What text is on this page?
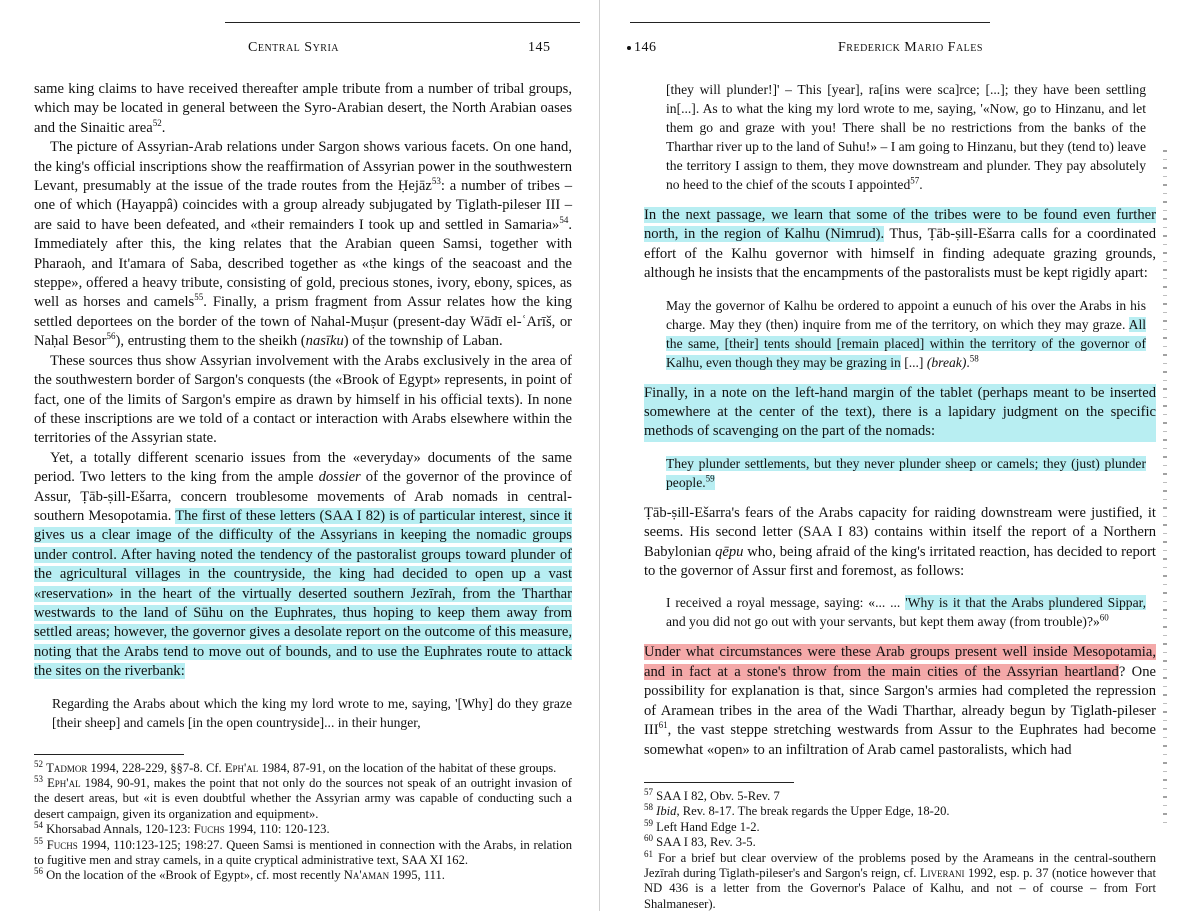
Central Syria	145

same king claims to have received thereafter ample tribute from a number of tribal groups, which may be located in general between the Syro-Arabian desert, the North Arabian oases and the Sinaitic area$^{52}$.

The picture of Assyrian-Arab relations under Sargon shows various facets. On one hand, the king's official inscriptions show the reaffirmation of Assyrian power in the southwestern Levant, presumably at the issue of the trade routes from the Ḥejāz$^{53}$: a number of tribes – one of which (Hayappâ) coincides with a group already subjugated by Tiglath-pileser III – are said to have been defeated, and «their remainders I took up and settled in Samaria»$^{54}$. Immediately after this, the king relates that the Arabian queen Samsi, together with Pharaoh, and It'amara of Saba, described together as «the kings of the seacoast and the steppe», offered a heavy tribute, consisting of gold, precious stones, ivory, ebony, spices, as well as horses and camels$^{55}$. Finally, a prism fragment from Assur relates how the king settled deportees on the border of the town of Nahal-Muṣur (present-day Wādī el-ʿArīš, or Naḥal Besor$^{56}$), entrusting them to the sheikh (nasīku) of the township of Laban.

These sources thus show Assyrian involvement with the Arabs exclusively in the area of the southwestern border of Sargon's conquests (the «Brook of Egypt» represents, in point of fact, one of the limits of Sargon's empire as drawn by himself in his official texts). In none of these inscriptions are we told of a contact or interaction with Arabs elsewhere within the territories of the Assyrian state.

Yet, a totally different scenario issues from the «everyday» documents of the same period. Two letters to the king from the ample dossier of the governor of the province of Assur, Ṭāb-ṣill-Ešarra, concern troublesome movements of Arab nomads in central-southern Mesopotamia. The first of these letters (SAA I 82) is of particular interest, since it gives us a clear image of the difficulty of the Assyrians in keeping the nomadic groups under control. After having noted the tendency of the pastoralist groups toward plunder of the agricultural villages in the countryside, the king had decided to open up a vast «reservation» in the heart of the virtually deserted southern Jezīrah, from the Tharthar westwards to the land of Sūhu on the Euphrates, thus hoping to keep them away from settled areas; however, the governor gives a desolate report on the outcome of this measure, noting that the Arabs tend to move out of bounds, and to use the Euphrates route to attack the sites on the riverbank:

Regarding the Arabs about which the king my lord wrote to me, saying, '[Why] do they graze [their sheep] and camels [in the open countryside]... in their hunger,

$^{52}$ Tadmor 1994, 228-229, §§7-8. Cf. Eph'al 1984, 87-91, on the location of the habitat of these groups.

$^{53}$ Eph'al 1984, 90-91, makes the point that not only do the sources not speak of an outright invasion of the desert areas, but «it is even doubtful whether the Assyrian army was capable of conducting such a desert campaign, given its organization and equipment».

$^{54}$ Khorsabad Annals, 120-123: Fuchs 1994, 110: 120-123.

$^{55}$ Fuchs 1994, 110:123-125; 198:27. Queen Samsi is mentioned in connection with the Arabs, in relation to fugitive men and stray camels, in a quite cryptical administrative text, SAA XI 162.

$^{56}$ On the location of the «Brook of Egypt», cf. most recently Na'aman 1995, 111.

146	Frederick Mario Fales

[they will plunder!]' – This [year], ra[ins were sca]rce; [...]; they have been settling in[...]. As to what the king my lord wrote to me, saying, '«Now, go to Hinzanu, and let them go and graze with you! There shall be no restrictions from the banks of the Tharthar river up to the land of Suhu!» – I am going to Hinzanu, but they (tend to) leave the territory I assign to them, they move downstream and plunder. They pay absolutely no heed to the chief of the scouts I appointed$^{57}$.

In the next passage, we learn that some of the tribes were to be found even further north, in the region of Kalhu (Nimrud). Thus, Ṭāb-ṣill-Ešarra calls for a coordinated effort of the Kalhu governor with himself in finding adequate grazing grounds, although he insists that the encampments of the pastoralists must be kept rigidly apart:

May the governor of Kalhu be ordered to appoint a eunuch of his over the Arabs in his charge. May they (then) inquire from me of the territory, on which they may graze. All the same, [their] tents should [remain placed] within the territory of the governor of Kalhu, even though they may be grazing in [...] (break).$^{58}$

Finally, in a note on the left-hand margin of the tablet (perhaps meant to be inserted somewhere at the center of the text), there is a lapidary judgment on the specific methods of scavenging on the part of the nomads:

They plunder settlements, but they never plunder sheep or camels; they (just) plunder people.$^{59}$

Ṭāb-ṣill-Ešarra's fears of the Arabs capacity for raiding downstream were justified, it seems. His second letter (SAA I 83) contains within itself the report of a Northern Babylonian qēpu who, being afraid of the king's irritated reaction, has decided to report to the governor of Assur first and foremost, as follows:

I received a royal message, saying: «... ... 'Why is it that the Arabs plundered Sippar, and you did not go out with your servants, but kept them away (from trouble)?»$^{60}$

Under what circumstances were these Arab groups present well inside Mesopotamia, and in fact at a stone's throw from the main cities of the Assyrian heartland? One possibility for explanation is that, since Sargon's armies had completed the repression of Aramean tribes in the area of the Wadi Tharthar, already begun by Tiglath-pileser III$^{61}$, the vast steppe stretching westwards from Assur to the Euphrates had become somewhat «open» to an infiltration of Arab camel pastoralists, which had

$^{57}$ SAA I 82, Obv. 5-Rev. 7

$^{58}$ Ibid, Rev. 8-17. The break regards the Upper Edge, 18-20.

$^{59}$ Left Hand Edge 1-2.

$^{60}$ SAA I 83, Rev. 3-5.

$^{61}$ For a brief but clear overview of the problems posed by the Arameans in the central-southern Jezīrah during Tiglath-pileser's and Sargon's reign, cf. Liverani 1992, esp. p. 37 (notice however that ND 436 is a letter from the Governor's Palace of Kalhu, and not – of course – from Fort Shalmaneser).
